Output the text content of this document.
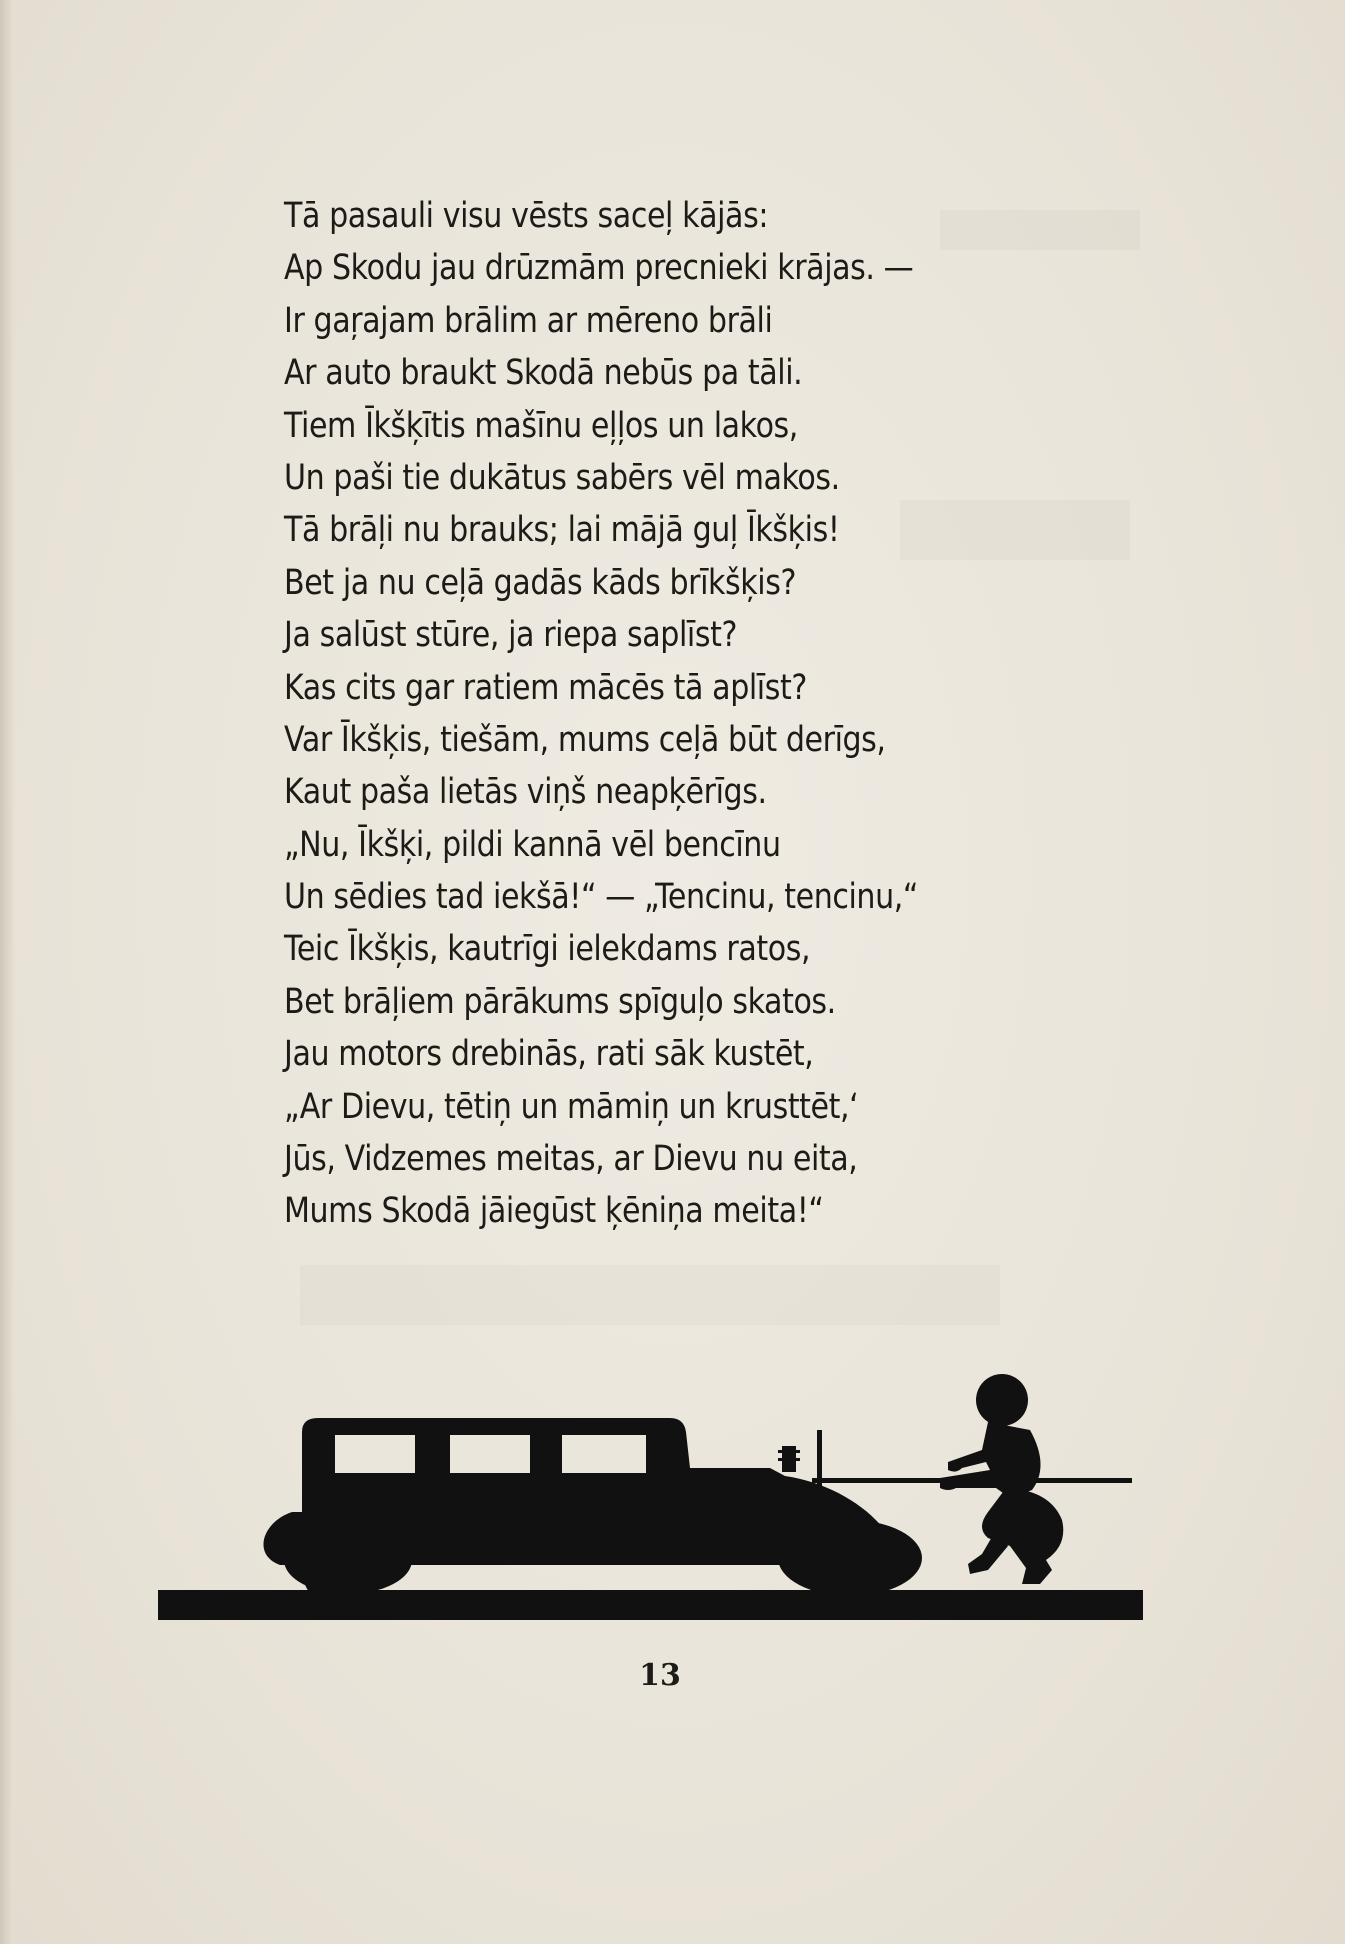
Tā pasauli visu vēsts saceļ kājās:
Ap Skodu jau drūzmām precnieki krājas. —
Ir gaŗajam brālim ar mēreno brāli
Ar auto braukt Skodā nebūs pa tāli.
Tiem Īkšķītis mašīnu eļļos un lakos,
Un paši tie dukātus sabērs vēl makos.
Tā brāļi nu brauks; lai mājā guļ Īkšķis!
Bet ja nu ceļā gadās kāds brīkšķis?
Ja salūst stūre, ja riepa saplīst?
Kas cits gar ratiem mācēs tā aplīst?
Var Īkšķis, tiešām, mums ceļā būt derīgs,
Kaut paša lietās viņš neapķērīgs.
„Nu, Īkšķi, pildi kannā vēl bencīnu
Un sēdies tad iekšā!“ — „Tencinu, tencinu,“
Teic Īkšķis, kautrīgi ielekdams ratos,
Bet brāļiem pārākums spīguļo skatos.
Jau motors drebinās, rati sāk kustēt,
„Ar Dievu, tētiņ un māmiņ un krusttēt,‘
Jūs, Vidzemes meitas, ar Dievu nu eita,
Mums Skodā jāiegūst ķēniņa meita!“
13
